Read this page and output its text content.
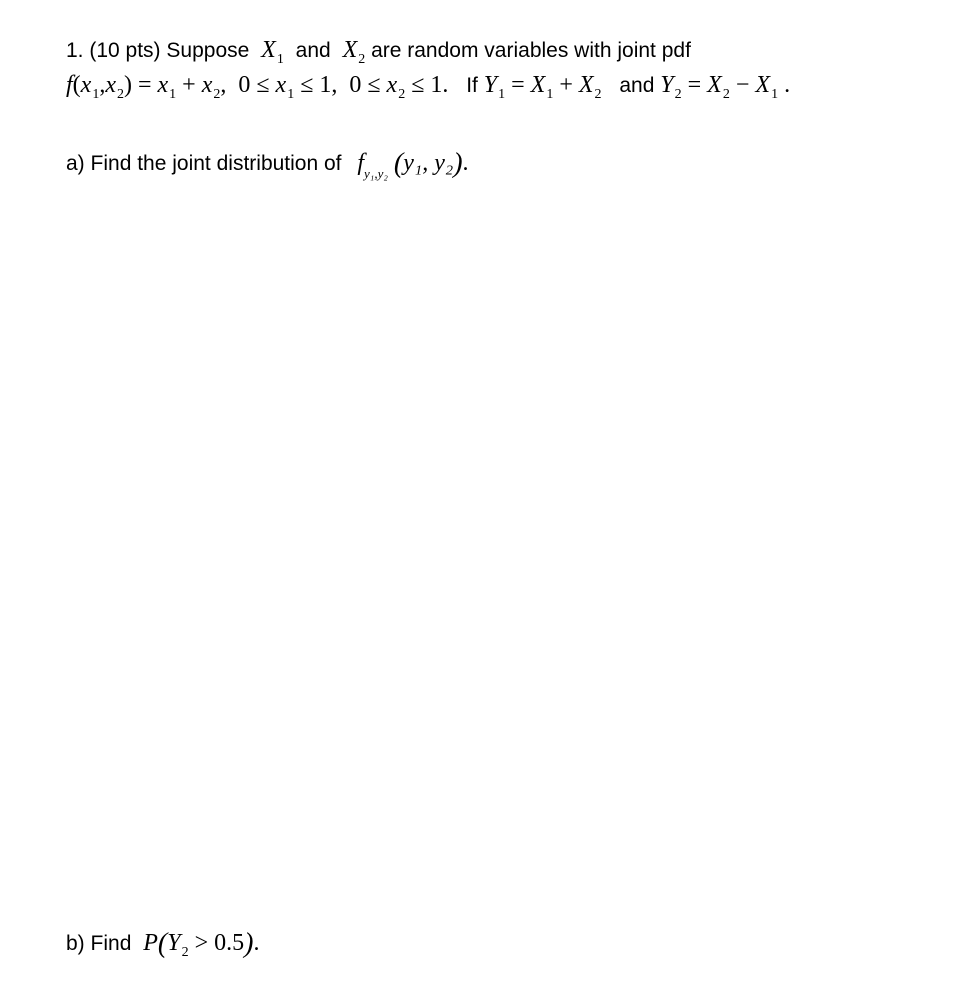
1. (10 pts) Suppose $X_1$ and $X_2$ are random variables with joint pdf
$f(x_1,x_2) = x_1 + x_2$,  $0 \le x_1 \le 1$,  $0 \le x_2 \le 1$. If $Y_1 = X_1 + X_2$ and $Y_2 = X_2 - X_1$ .
a) Find the joint distribution of $f_{y_1,y_2}$ (y₁, y₂).
b) Find $P(Y_2 > 0.5)$.
